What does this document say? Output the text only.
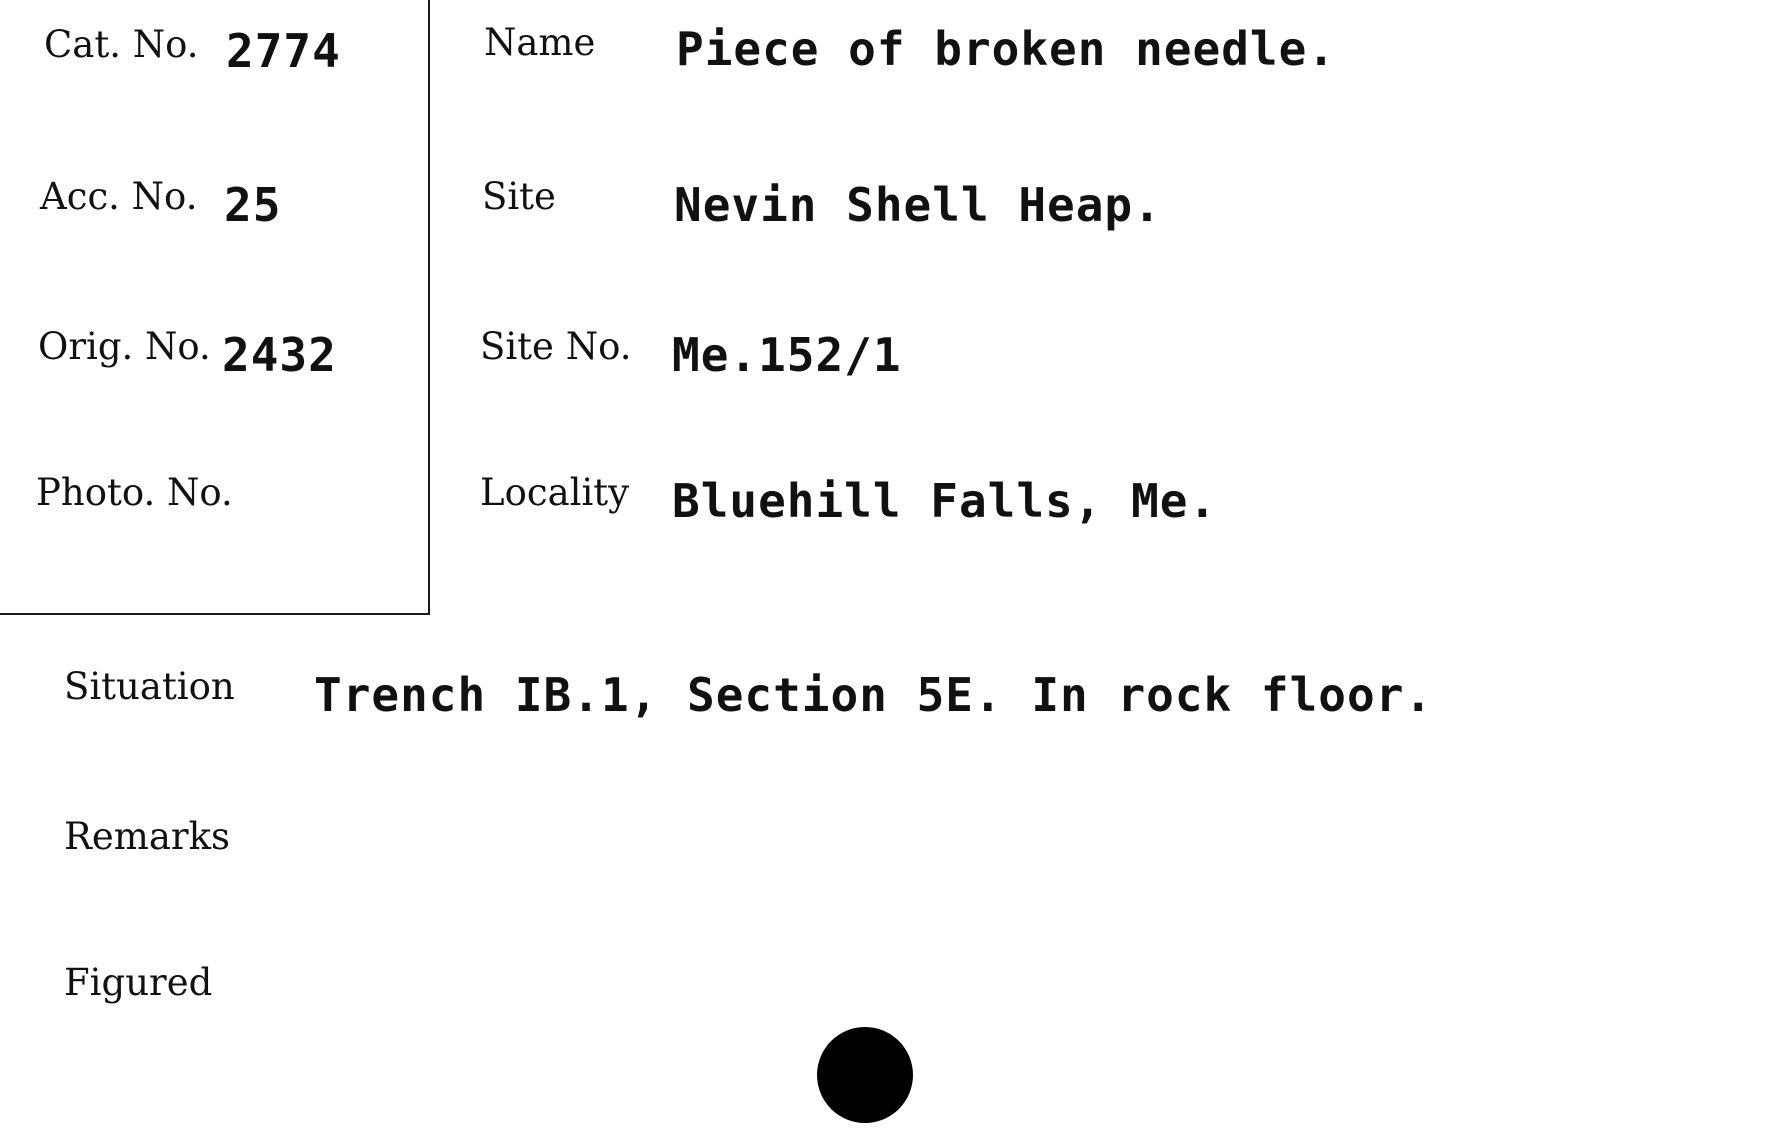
Cat. No. 2774
Acc. No. 25
Orig. No. 2432
Photo. No.
Name Piece of broken needle.
Site	Nevin Shell Heap.
Site No. Me.152/1
Locality Bluehill Falls, Me.
Situation Trench IB.1, Section 5E. In rock floor.
Remarks
Figured
